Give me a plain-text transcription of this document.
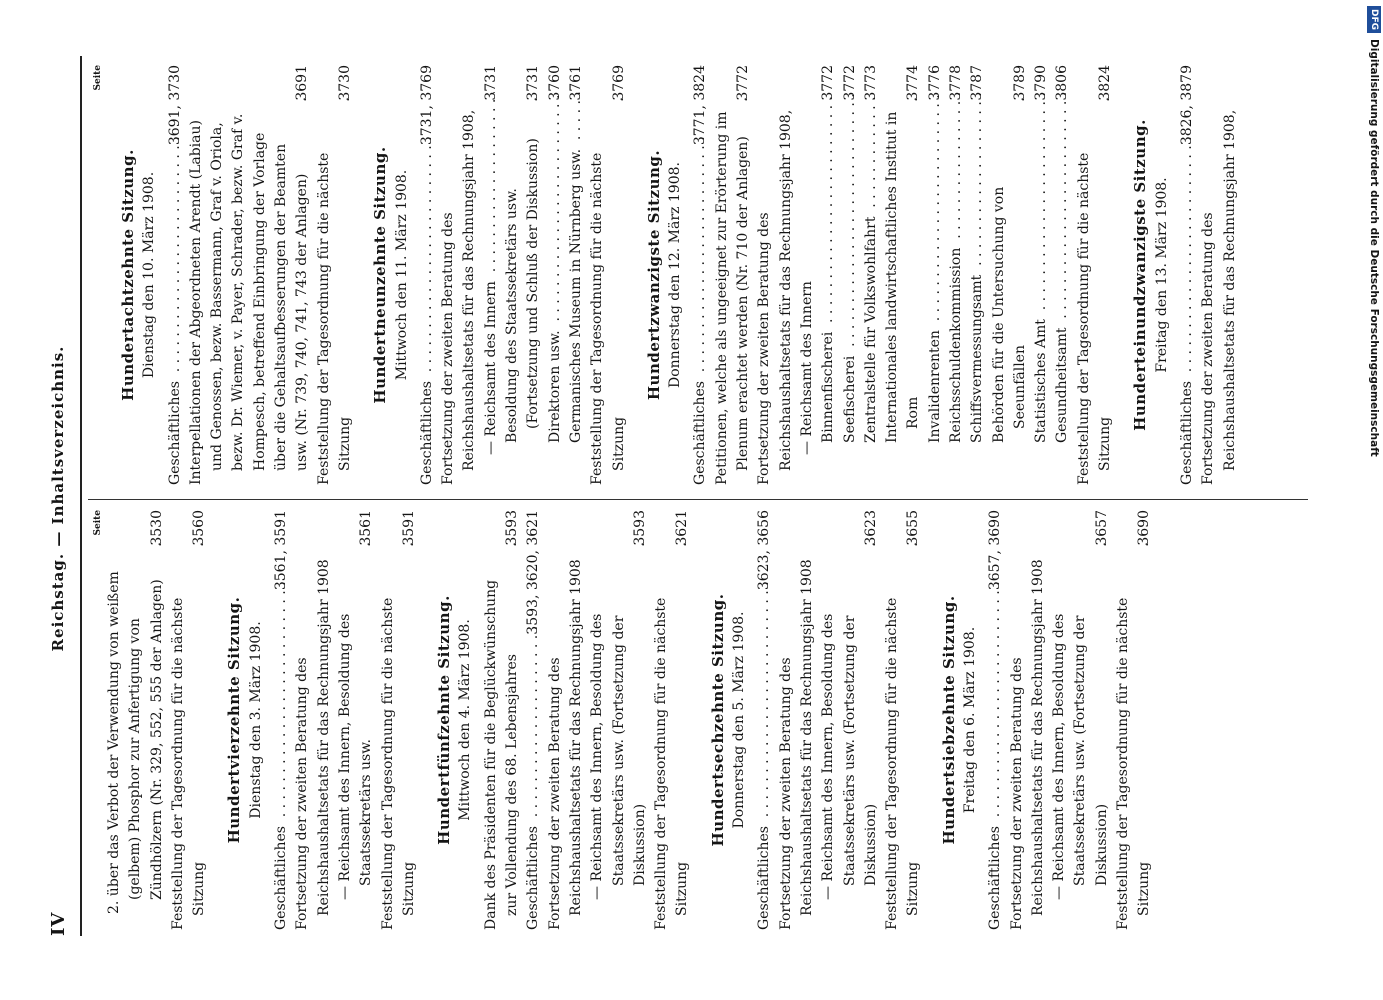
IV
Reichstag. — Inhaltsverzeichnis.	Seite
2. über das Verbot der Verwendung von weißem (gelbem) Phosphor zur Anfertigung von Zündhölzern (Nr. 329, 552, 555 der Anlagen)
. . .
3530
Feststellung der Tagesordnung für die nächste Sitzung
. . .
3560
Hundertvierzehnte Sitzung. Dienstag den 3. März 1908.
Geschäftliches
. . .
3561, 3591
Fortsetzung der zweiten Beratung des Reichshaushaltsetats für das Rechnungsjahr 1908 — Reichsamt des Innern, Besoldung des Staatssekretärs usw.
. . .
3561
Feststellung der Tagesordnung für die nächste Sitzung
. . .
3591
Hundertfünfzehnte Sitzung. Mittwoch den 4. März 1908. Dank des Präsidenten für die Beglückwünschung zur Vollendung des 68. Lebensjahres
. . .
3593
Geschäftliches
. . .
3593, 3620, 3621
Fortsetzung der zweiten Beratung des Reichshaushaltsetats für das Rechnungsjahr 1908 — Reichsamt des Innern, Besoldung des Staatssekretärs usw. (Fortsetzung der Diskussion)
. . .
3593
Feststellung der Tagesordnung für die nächste Sitzung
. . .
3621
Hundertsechzehnte Sitzung. Donnerstag den 5. März 1908.
Geschäftliches
. . .
3623, 3656
Fortsetzung der zweiten Beratung des Reichshaushaltsetats für das Rechnungsjahr 1908 — Reichsamt des Innern, Besoldung des Staatssekretärs usw. (Fortsetzung der Diskussion)
. . .
3623
Feststellung der Tagesordnung für die nächste Sitzung
. . .
3655
Hundertsiebzehnte Sitzung. Freitag den 6. März 1908.
Geschäftliches
. . .
3657, 3690
Fortsetzung der zweiten Beratung des Reichshaushaltsetats für das Rechnungsjahr 1908 — Reichsamt des Innern, Besoldung des Staatssekretärs usw. (Fortsetzung der Diskussion)
. . .
3657
Feststellung der Tagesordnung für die nächste Sitzung
. . .
3690
Seite
Hundertachtzehnte Sitzung. Dienstag den 10. März 1908.
Geschäftliches
. . .
3691, 3730
Interpellationen der Abgeordneten Arendt (Labiau) und Genossen, bezw. Bassermann, Graf v. Oriola, bezw. Dr. Wiemer, v. Payer, Schrader, bezw. Graf v. Hompesch, betreffend Einbringung der Vorlage über die Gehaltsaufbesserungen der Beamten usw. (Nr. 739, 740, 741, 743 der Anlagen)
. . .
3691
Feststellung der Tagesordnung für die nächste Sitzung
. . .
3730
Hundertneunzehnte Sitzung. Mittwoch den 11. März 1908.
Geschäftliches
. . .
3731, 3769
Fortsetzung der zweiten Beratung des Reichshaushaltsetats für das Rechnungsjahr 1908, — Reichsamt des Innern
. . .
3731
Besoldung des Staatssekretärs usw. (Fortsetzung und Schluß der Diskussion)
. . .
3731
Direktoren usw.
. . .
3760
Germanisches Museum in Nürnberg usw.
. . .
3761
Feststellung der Tagesordnung für die nächste Sitzung
. . .
3769
Hundertzwanzigste Sitzung. Donnerstag den 12. März 1908.
Geschäftliches
. . .
3771, 3824
Petitionen, welche als ungeeignet zur Erörterung im Plenum erachtet werden (Nr. 710 der Anlagen)
. . .
3772
Fortsetzung der zweiten Beratung des Reichshaushaltsetats für das Rechnungsjahr 1908, — Reichsamt des Innern Binnenfischerei
. . .
3772
Seefischerei
. . .
3772
Zentralstelle für Volkswohlfahrt
. . .
3773
Internationales landwirtschaftliches Institut in Rom
. . .
3774
Invalidenrenten
. . .
3776
Reichsschuldenkommission
. . .
3778
Schiffsvermessungsamt
. . .
3787
Behörden für die Untersuchung von Seeunfällen
. . .
3789
Statistisches Amt
. . .
3790
Gesundheitsamt
. . .
3806
Feststellung der Tagesordnung für die nächste Sitzung
. . .
3824
Hunderteinundzwanzigste Sitzung. Freitag den 13. März 1908.
Geschäftliches
. . .
3826, 3879
Fortsetzung der zweiten Beratung des Reichshaushaltsetats für das Rechnungsjahr 1908,
DFGDigitalisierung gefördert durch die Deutsche Forschungsgemeinschaft
